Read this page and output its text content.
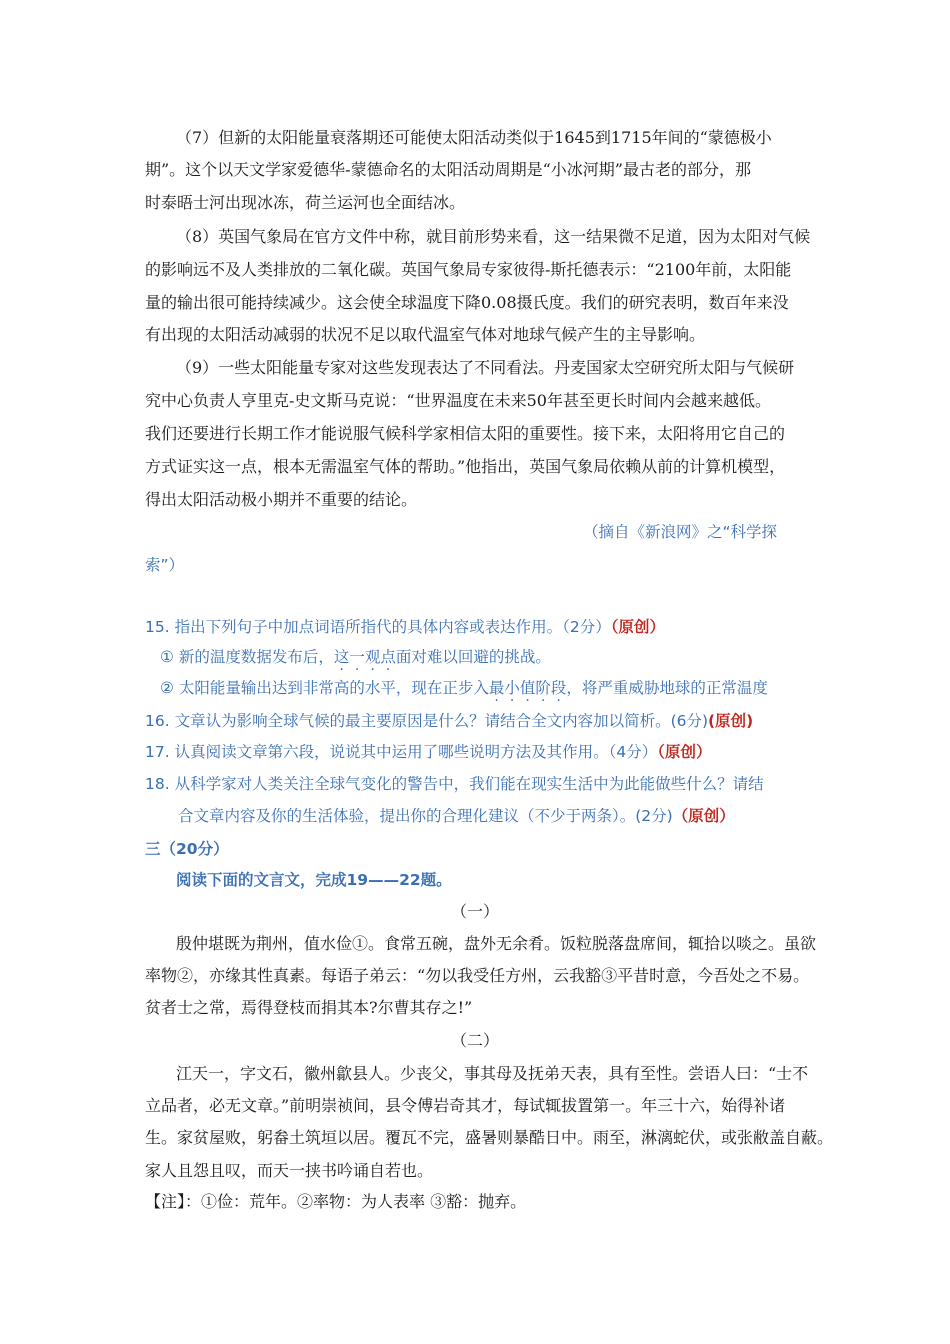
（7）但新的太阳能量衰落期还可能使太阳活动类似于1645到1715年间的“蒙德极小
期”。这个以天文学家爱德华-蒙德命名的太阳活动周期是“小冰河期”最古老的部分，那
时泰晤士河出现冰冻，荷兰运河也全面结冰。
（8）英国气象局在官方文件中称，就目前形势来看，这一结果微不足道，因为太阳对气候
的影响远不及人类排放的二氧化碳。英国气象局专家彼得-斯托德表示：“2100年前，太阳能
量的输出很可能持续减少。这会使全球温度下降0.08摄氏度。我们的研究表明，数百年来没
有出现的太阳活动减弱的状况不足以取代温室气体对地球气候产生的主导影响。
（9）一些太阳能量专家对这些发现表达了不同看法。丹麦国家太空研究所太阳与气候研
究中心负责人亨里克-史文斯马克说：“世界温度在未来50年甚至更长时间内会越来越低。
我们还要进行长期工作才能说服气候科学家相信太阳的重要性。接下来，太阳将用它自己的
方式证实这一点，根本无需温室气体的帮助。”他指出，英国气象局依赖从前的计算机模型，
得出太阳活动极小期并不重要的结论。
（摘自《新浪网》之“科学探
索”）
15. 指出下列句子中加点词语所指代的具体内容或表达作用。（2分）（原创）
① 新的温度数据发布后，这一观点面对难以回避的挑战。
② 太阳能量输出达到非常高的水平，现在正步入最小值阶段，将严重威胁地球的正常温度
16. 文章认为影响全球气候的最主要原因是什么？请结合全文内容加以简析。(6分)(原创)
17. 认真阅读文章第六段，说说其中运用了哪些说明方法及其作用。（4分）（原创）
18. 从科学家对人类关注全球气变化的警告中，我们能在现实生活中为此能做些什么？请结
合文章内容及你的生活体验，提出你的合理化建议（不少于两条）。(2分)（原创）
三（20分）
阅读下面的文言文，完成19——22题。
（一）
殷仲堪既为荆州，值水俭①。食常五碗，盘外无余肴。饭粒脱落盘席间，辄拾以啖之。虽欲
率物②，亦缘其性真素。每语子弟云：“勿以我受任方州，云我豁③平昔时意，今吾处之不易。
贫者士之常，焉得登枝而捐其本?尔曹其存之!”
（二）
江天一，字文石，徽州歙县人。少丧父，事其母及抚弟天表，具有至性。尝语人曰：“士不
立品者，必无文章。”前明崇祯间，县令傅岩奇其才，每试辄拔置第一。年三十六，始得补诸
生。家贫屋败，躬畚土筑垣以居。覆瓦不完，盛暑则暴酷日中。雨至，淋漓蛇伏，或张敝盖自蔽。
家人且怨且叹，而天一挟书吟诵自若也。
【注】：①俭：荒年。②率物：为人表率 ③豁：抛弃。
